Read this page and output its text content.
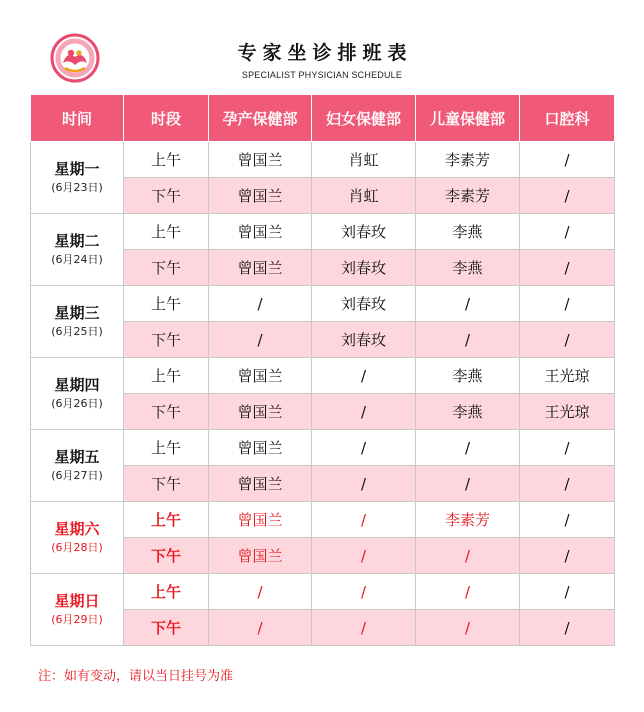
专家坐诊排班表
SPECIALIST PHYSICIAN SCHEDULE
时间	时段	孕产保健部	妇女保健部	儿童保健部	口腔科

星期一
(6月23日)	上午	曾国兰	肖虹	李素芳	/
	下午	曾国兰	肖虹	李素芳	/

星期二
(6月24日)	上午	曾国兰	刘春玫	李燕	/
	下午	曾国兰	刘春玫	李燕	/

星期三
(6月25日)	上午	/	刘春玫	/	/
	下午	/	刘春玫	/	/

星期四
(6月26日)	上午	曾国兰	/	李燕	王光琼
	下午	曾国兰	/	李燕	王光琼

星期五
(6月27日)	上午	曾国兰	/	/	/
	下午	曾国兰	/	/	/

星期六
(6月28日)	上午	曾国兰	/	李素芳	/
	下午	曾国兰	/	/	/

星期日
(6月29日)	上午	/	/	/	/
	下午	/	/	/	/
注：如有变动，请以当日挂号为准
